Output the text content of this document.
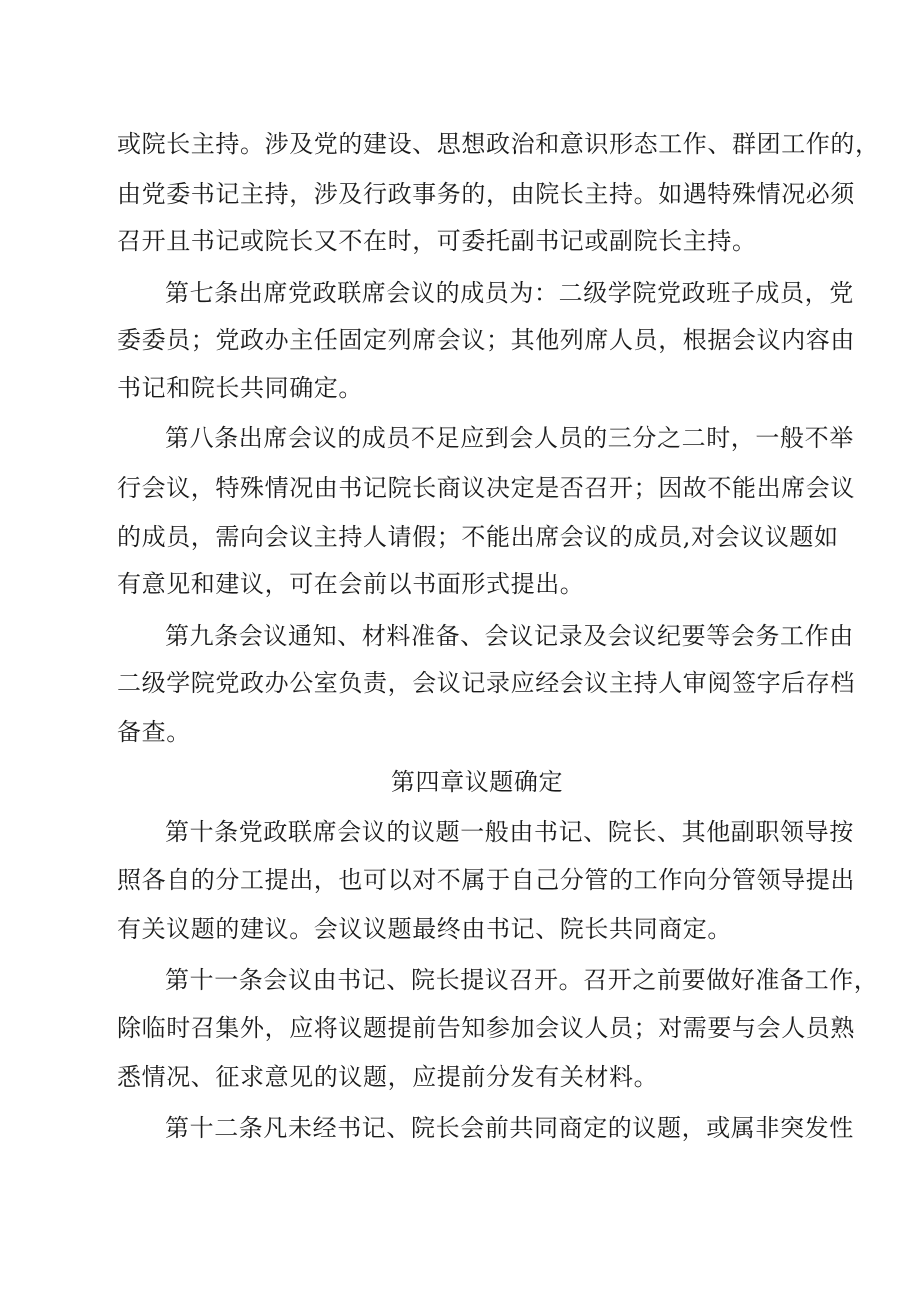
或院长主持。涉及党的建设、思想政治和意识形态工作、群团工作的，
由党委书记主持，涉及行政事务的，由院长主持。如遇特殊情况必须
召开且书记或院长又不在时，可委托副书记或副院长主持。
第七条出席党政联席会议的成员为：二级学院党政班子成员，党
委委员；党政办主任固定列席会议；其他列席人员，根据会议内容由
书记和院长共同确定。
第八条出席会议的成员不足应到会人员的三分之二时，一般不举
行会议，特殊情况由书记院长商议决定是否召开；因故不能出席会议
的成员，需向会议主持人请假；不能出席会议的成员,对会议议题如
有意见和建议，可在会前以书面形式提出。
第九条会议通知、材料准备、会议记录及会议纪要等会务工作由
二级学院党政办公室负责，会议记录应经会议主持人审阅签字后存档
备查。
第四章议题确定
第十条党政联席会议的议题一般由书记、院长、其他副职领导按
照各自的分工提出，也可以对不属于自己分管的工作向分管领导提出
有关议题的建议。会议议题最终由书记、院长共同商定。
第十一条会议由书记、院长提议召开。召开之前要做好准备工作，
除临时召集外，应将议题提前告知参加会议人员；对需要与会人员熟
悉情况、征求意见的议题，应提前分发有关材料。
第十二条凡未经书记、院长会前共同商定的议题，或属非突发性
